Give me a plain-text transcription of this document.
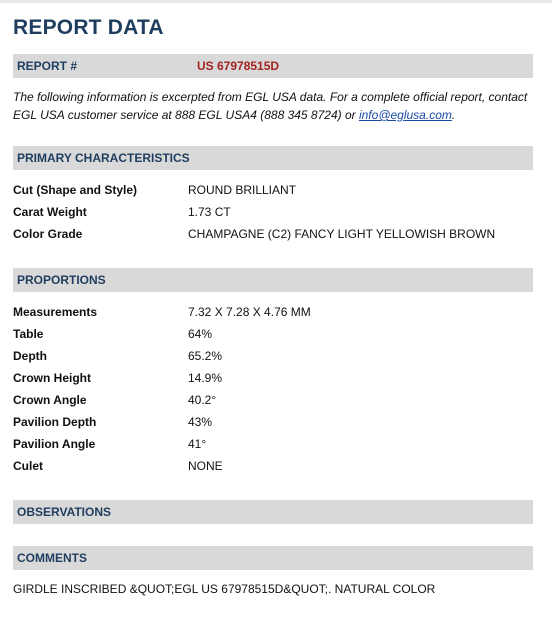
REPORT DATA
REPORT #	US 67978515D

The following information is excerpted from EGL USA data. For a complete official report, contact EGL USA customer service at 888 EGL USA4 (888 345 8724) or info@eglusa.com.

PRIMARY CHARACTERISTICS
Cut (Shape and Style)	ROUND BRILLIANT
Carat Weight	1.73 CT
Color Grade	CHAMPAGNE (C2) FANCY LIGHT YELLOWISH BROWN
PROPORTIONS
Measurements	7.32 X 7.28 X 4.76 MM
Table	64%
Depth	65.2%
Crown Height	14.9%
Crown Angle	40.2°
Pavilion Depth	43%
Pavilion Angle	41°
Culet	NONE
OBSERVATIONS
COMMENTS

GIRDLE INSCRIBED &QUOT;EGL US 67978515D&QUOT;. NATURAL COLOR
